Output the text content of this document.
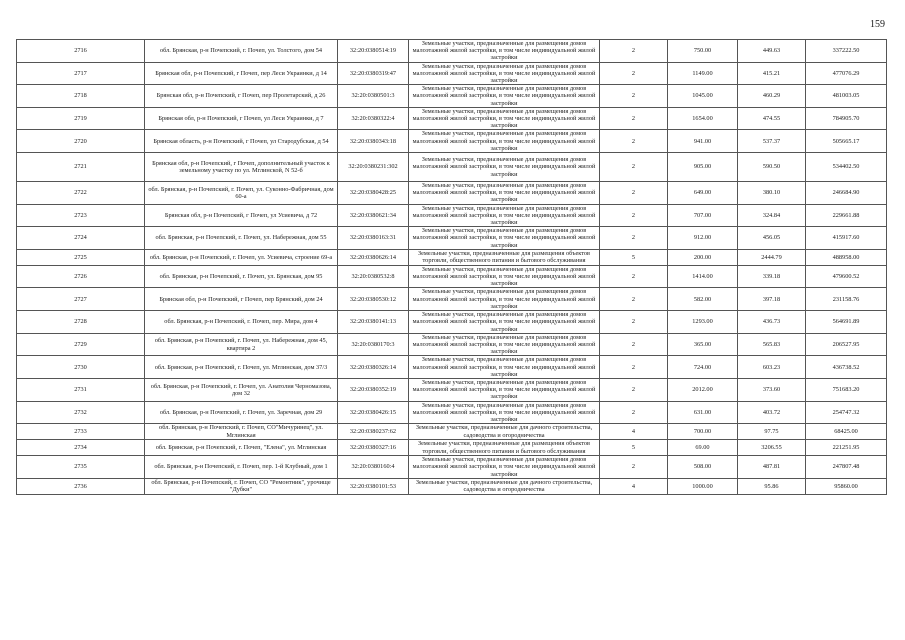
159
2716	обл. Брянская, р-н Почепский, г. Почеп, ул. Толстого, дом 54	32:20:0380514:19	Земельные участки, предназначенные для размещения домов малоэтажной жилой застройки, в том числе индивидуальной жилой застройки	2	750.00	449.63	337222.50
2717	Брянская обл, р-н Почепский, г Почеп, пер Леси Украинки, д 14	32:20:0380319:47	Земельные участки, предназначенные для размещения домов малоэтажной жилой застройки, в том числе индивидуальной жилой застройки	2	1149.00	415.21	477076.29
2718	Брянская обл, р-н Почепский, г Почеп, пер Пролетарский, д 26	32:20:0380501:3	Земельные участки, предназначенные для размещения домов малоэтажной жилой застройки, в том числе индивидуальной жилой застройки	2	1045.00	460.29	481003.05
2719	Брянская обл, р-н Почепский, г Почеп, ул Леси Украинки, д 7	32:20:0380322:4	Земельные участки, предназначенные для размещения домов малоэтажной жилой застройки, в том числе индивидуальной жилой застройки	2	1654.00	474.55	784905.70
2720	Брянская область, р-н Почепский, г Почеп, ул Стародубская, д 54	32:20:0380343:18	Земельные участки, предназначенные для размещения домов малоэтажной жилой застройки, в том числе индивидуальной жилой застройки	2	941.00	537.37	505665.17
2721	Брянская обл, р-н Почепский, г Почеп, дополнительный участок к земельному участку по ул. Мглинской, N 52-б	32:20:0380231:302	Земельные участки, предназначенные для размещения домов малоэтажной жилой застройки, в том числе индивидуальной жилой застройки	2	905.00	590.50	534402.50
2722	обл. Брянская, р-н Почепский, г. Почеп, ул. Суконно-Фабричная, дом 60-а	32:20:0380428:25	Земельные участки, предназначенные для размещения домов малоэтажной жилой застройки, в том числе индивидуальной жилой застройки	2	649.00	380.10	246684.90
2723	Брянская обл, р-н Почепский, г Почеп, ул Усиевича, д 72	32:20:0380621:34	Земельные участки, предназначенные для размещения домов малоэтажной жилой застройки, в том числе индивидуальной жилой застройки	2	707.00	324.84	229661.88
2724	обл. Брянская, р-н Почепский, г. Почеп, ул. Набережная, дом 55	32:20:0380163:31	Земельные участки, предназначенные для размещения домов малоэтажной жилой застройки, в том числе индивидуальной жилой застройки	2	912.00	456.05	415917.60
2725	обл. Брянская, р-н Почепский, г. Почеп, ул. Усиевича, строение 69-а	32:20:0380626:14	Земельные участки, предназначенные для размещения объектов торговли, общественного питания и бытового обслуживания	5	200.00	2444.79	488958.00
2726	обл. Брянская, р-н Почепский, г. Почеп, ул. Брянская, дом 95	32:20:0380532:8	Земельные участки, предназначенные для размещения домов малоэтажной жилой застройки, в том числе индивидуальной жилой застройки	2	1414.00	339.18	479600.52
2727	Брянская обл, р-н Почепский, г Почеп, пер Брянский, дом 24	32:20:0380530:12	Земельные участки, предназначенные для размещения домов малоэтажной жилой застройки, в том числе индивидуальной жилой застройки	2	582.00	397.18	231158.76
2728	обл. Брянская, р-н Почепский, г. Почеп, пер. Мира, дом 4	32:20:0380141:13	Земельные участки, предназначенные для размещения домов малоэтажной жилой застройки, в том числе индивидуальной жилой застройки	2	1293.00	436.73	564691.89
2729	обл. Брянская, р-н Почепский, г. Почеп, ул. Набережная, дом 45, квартира 2	32:20:0380170:3	Земельные участки, предназначенные для размещения домов малоэтажной жилой застройки, в том числе индивидуальной жилой застройки	2	365.00	565.83	206527.95
2730	обл. Брянская, р-н Почепский, г. Почеп, ул. Мглинская, дом 37/3	32:20:0380326:14	Земельные участки, предназначенные для размещения домов малоэтажной жилой застройки, в том числе индивидуальной жилой застройки	2	724.00	603.23	436738.52
2731	обл. Брянская, р-н Почепский, г. Почеп, ул. Анатолия Черномазова, дом 32	32:20:0380352:19	Земельные участки, предназначенные для размещения домов малоэтажной жилой застройки, в том числе индивидуальной жилой застройки	2	2012.00	373.60	751683.20
2732	обл. Брянская, р-н Почепский, г. Почеп, ул. Заречная, дом 29	32:20:0380426:15	Земельные участки, предназначенные для размещения домов малоэтажной жилой застройки, в том числе индивидуальной жилой застройки	2	631.00	403.72	254747.32
2733	обл. Брянская, р-н Почепский, г. Почеп, СО"Мичуринец", ул. Мглинская	32:20:0380237:62	Земельные участки, предназначенные для дачного строительства, садоводства и огородничества	4	700.00	97.75	68425.00
2734	обл. Брянская, р-н Почепский, г. Почеп, "Елена", ул. Мглинская	32:20:0380327:16	Земельные участки, предназначенные для размещения объектов торговли, общественного питания и бытового обслуживания	5	69.00	3206.55	221251.95
2735	обл. Брянская, р-н Почепский, г. Почеп, пер. 1-й Клубный, дом 1	32:20:0380160:4	Земельные участки, предназначенные для размещения домов малоэтажной жилой застройки, в том числе индивидуальной жилой застройки	2	508.00	487.81	247807.48
2736	обл. Брянская, р-н Почепский, г. Почеп, СО "Ремонтник", урочище "Дубки"	32:20:0380101:53	Земельные участки, предназначенные для дачного строительства, садоводства и огородничества	4	1000.00	95.86	95860.00
